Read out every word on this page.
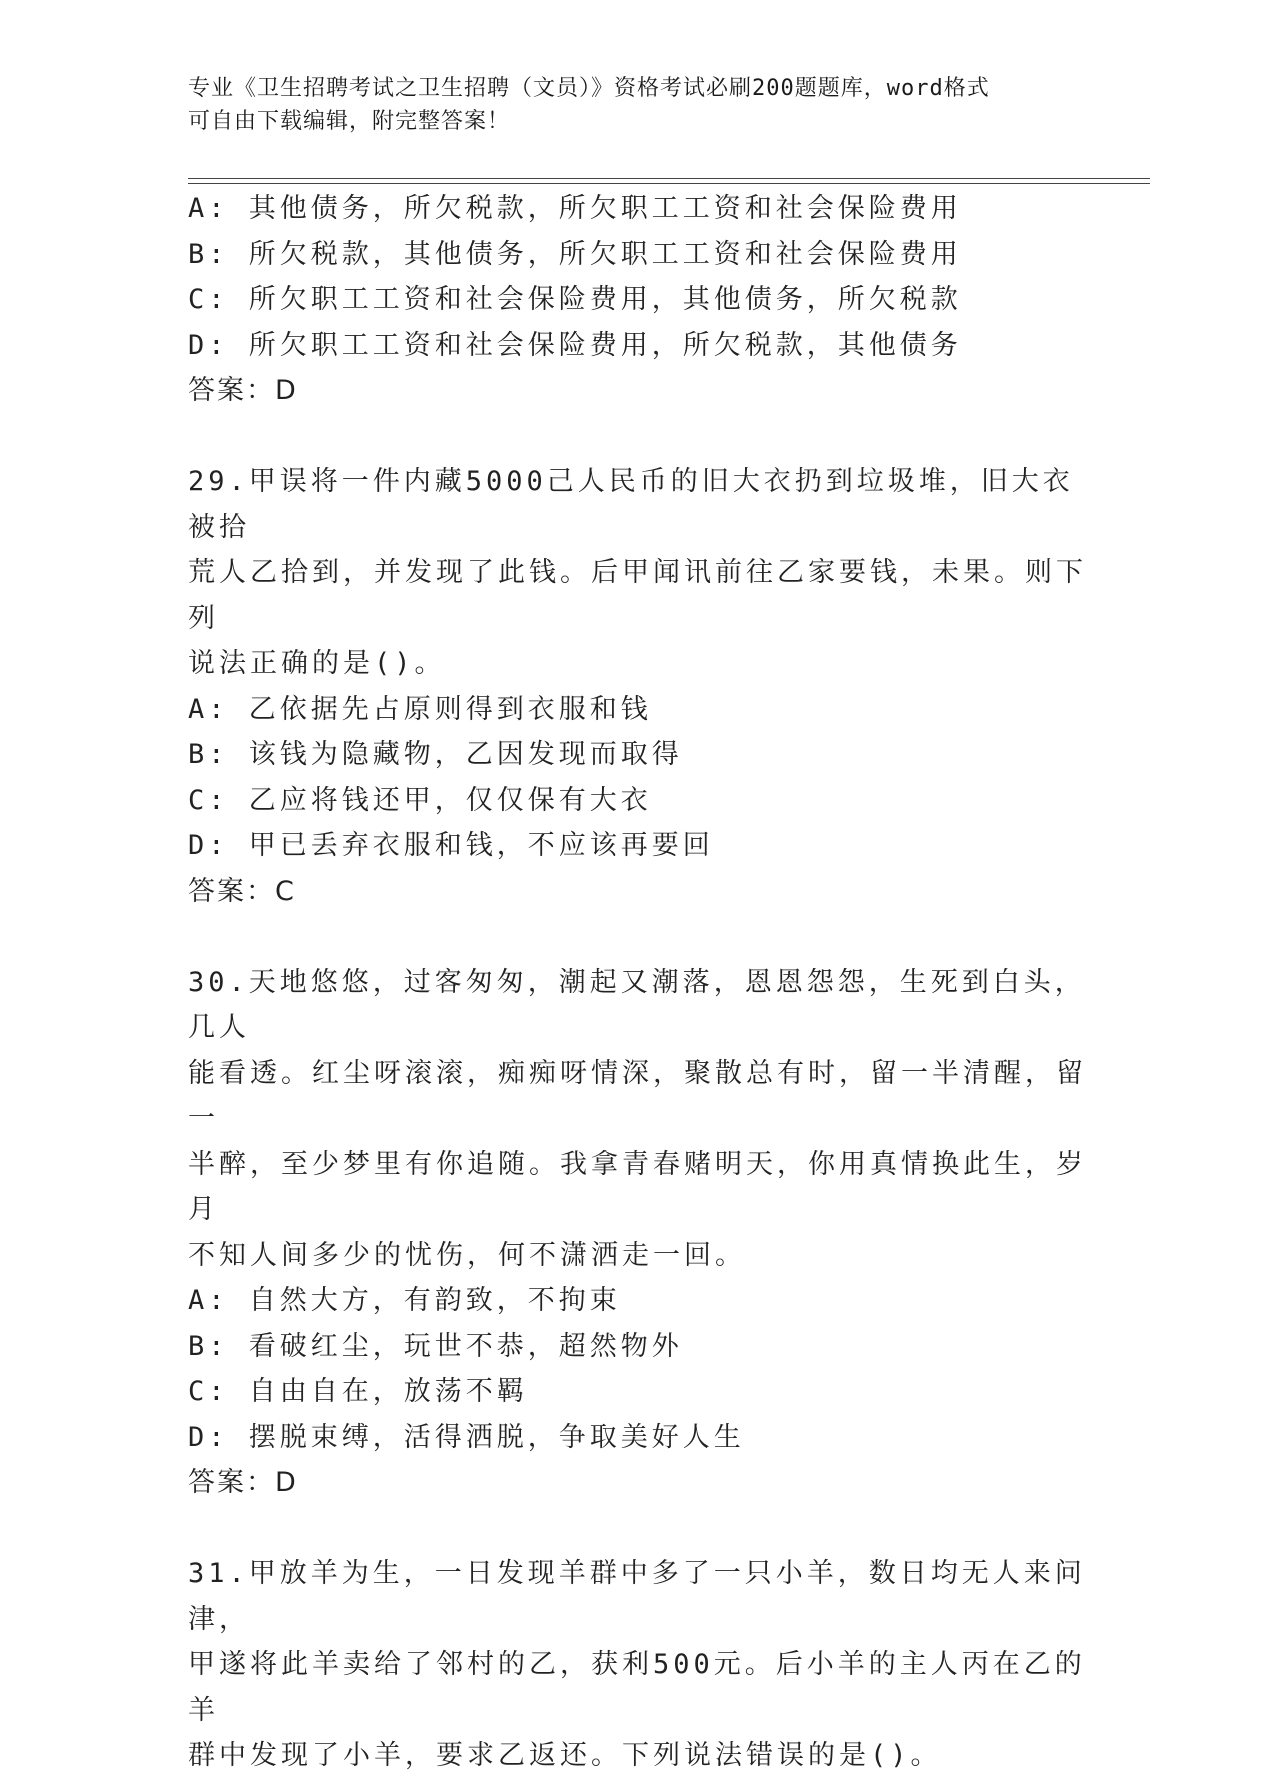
专业《卫生招聘考试之卫生招聘（文员）》资格考试必刷200题题库，word格式
可自由下载编辑，附完整答案！
A: 其他债务，所欠税款，所欠职工工资和社会保险费用
B: 所欠税款，其他债务，所欠职工工资和社会保险费用
C: 所欠职工工资和社会保险费用，其他债务，所欠税款
D: 所欠职工工资和社会保险费用，所欠税款，其他债务
答案：D
29.甲误将一件内藏5000己人民币的旧大衣扔到垃圾堆，旧大衣被拾
荒人乙拾到，并发现了此钱。后甲闻讯前往乙家要钱，未果。则下列
说法正确的是()。
A: 乙依据先占原则得到衣服和钱
B: 该钱为隐藏物，乙因发现而取得
C: 乙应将钱还甲，仅仅保有大衣
D: 甲已丢弃衣服和钱，不应该再要回
答案：C
30.天地悠悠，过客匆匆，潮起又潮落，恩恩怨怨，生死到白头，几人
能看透。红尘呀滚滚，痴痴呀情深，聚散总有时，留一半清醒，留一
半醉，至少梦里有你追随。我拿青春赌明天，你用真情换此生，岁月
不知人间多少的忧伤，何不潇洒走一回。
A: 自然大方，有韵致，不拘束
B: 看破红尘，玩世不恭，超然物外
C: 自由自在，放荡不羁
D: 摆脱束缚，活得洒脱，争取美好人生
答案：D
31.甲放羊为生，一日发现羊群中多了一只小羊，数日均无人来问津，
甲遂将此羊卖给了邻村的乙，获利500元。后小羊的主人丙在乙的羊
群中发现了小羊，要求乙返还。下列说法错误的是()。
